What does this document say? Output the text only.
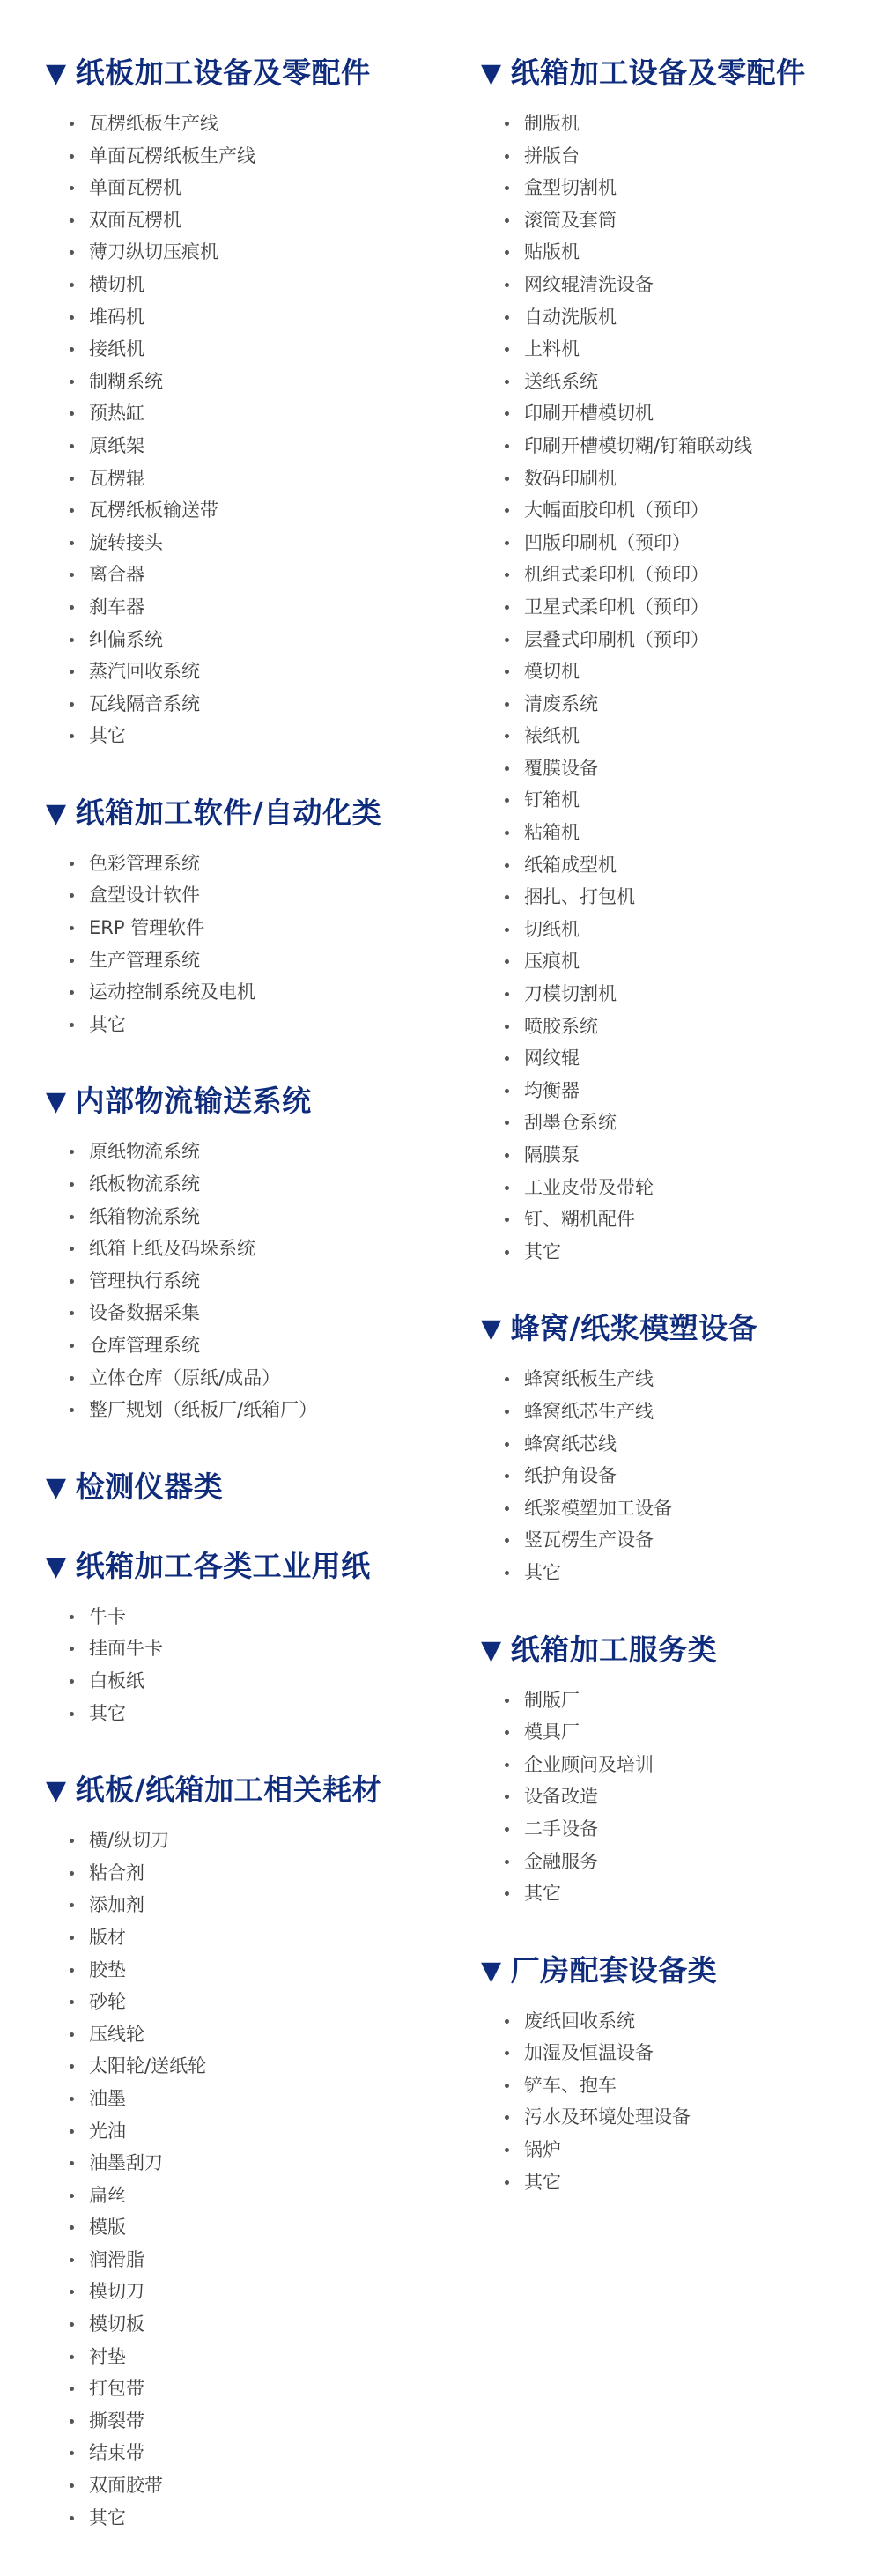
▼ 纸板加工设备及零配件
瓦楞纸板生产线
单面瓦楞纸板生产线
单面瓦楞机
双面瓦楞机
薄刀纵切压痕机
横切机
堆码机
接纸机
制糊系统
预热缸
原纸架
瓦楞辊
瓦楞纸板输送带
旋转接头
离合器
刹车器
纠偏系统
蒸汽回收系统
瓦线隔音系统
其它
▼ 纸箱加工软件/自动化类
色彩管理系统
盒型设计软件
ERP 管理软件
生产管理系统
运动控制系统及电机
其它
▼ 内部物流输送系统
原纸物流系统
纸板物流系统
纸箱物流系统
纸箱上纸及码垛系统
管理执行系统
设备数据采集
仓库管理系统
立体仓库（原纸/成品）
整厂规划（纸板厂/纸箱厂）
▼ 检测仪器类
▼ 纸箱加工各类工业用纸
牛卡
挂面牛卡
白板纸
其它
▼ 纸板/纸箱加工相关耗材
横/纵切刀
粘合剂
添加剂
版材
胶垫
砂轮
压线轮
太阳轮/送纸轮
油墨
光油
油墨刮刀
扁丝
模版
润滑脂
模切刀
模切板
衬垫
打包带
撕裂带
结束带
双面胶带
其它
▼ 纸箱加工设备及零配件
制版机
拼版台
盒型切割机
滚筒及套筒
贴版机
网纹辊清洗设备
自动洗版机
上料机
送纸系统
印刷开槽模切机
印刷开槽模切糊/钉箱联动线
数码印刷机
大幅面胶印机（预印）
凹版印刷机（预印）
机组式柔印机（预印）
卫星式柔印机（预印）
层叠式印刷机（预印）
模切机
清废系统
裱纸机
覆膜设备
钉箱机
粘箱机
纸箱成型机
捆扎、打包机
切纸机
压痕机
刀模切割机
喷胶系统
网纹辊
均衡器
刮墨仓系统
隔膜泵
工业皮带及带轮
钉、糊机配件
其它
▼ 蜂窝/纸浆模塑设备
蜂窝纸板生产线
蜂窝纸芯生产线
蜂窝纸芯线
纸护角设备
纸浆模塑加工设备
竖瓦楞生产设备
其它
▼ 纸箱加工服务类
制版厂
模具厂
企业顾问及培训
设备改造
二手设备
金融服务
其它
▼ 厂房配套设备类
废纸回收系统
加湿及恒温设备
铲车、抱车
污水及环境处理设备
锅炉
其它
